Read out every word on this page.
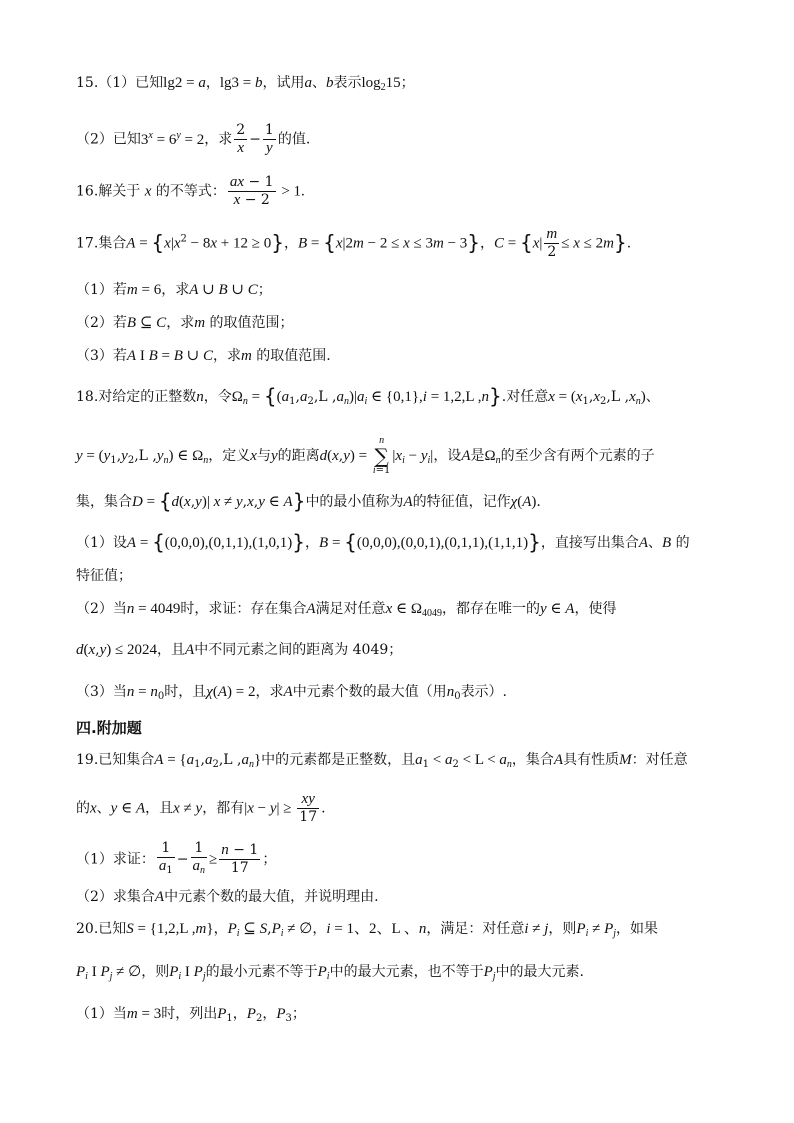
15.（1）已知lg2 = a，lg3 = b，试用a、b表示$\log_215$；
（2）已知$3^x = 6^y = 2$，求 $\frac{2}{x} - \frac{1}{y}$ 的值.
16.解关于 x 的不等式： $\frac{ax - 1}{x - 2} > 1$.
17.集合$A = \{x|x^2 - 8x + 12 \ge 0\}$，B = {x|2m − 2 ≤ x ≤ 3m − 3}，$C = \{x| \frac{m}{2} \le x \le 2m\}$.
（1）若m = 6，求A ∪ B ∪ C；
（2）若B ⊆ C，求m 的取值范围；
（3）若A I B = B ∪ C，求m 的取值范围.
18.对给定的正整数n，令$\Omega_n = \{(a_1,a_2,L$ $,a_n)|a_i$ ∈ {0,1},i = 1,2,L ,n}.对任意$x = (x_1,x_2,L$ $,x_n$)、
$y = (y_1,y_2,L$ $,y_n$) ∈ $\Omega_n$，定义x与y的距离d(x,y) = n
∑
$i=1|x_i - y_i|$，设A是$\Omega_n$的至少含有两个元素的子
集，集合D = {d(x,y)| x ≠ y,x,y ∈ A}中的最小值称为A的特征值，记作χ(A).
（1）设A = {(0,0,0),(0,1,1),(1,0,1)}，B = {(0,0,0),(0,0,1),(0,1,1),(1,1,1)}，直接写出集合A、B 的
特征值；
（2）当n = 4049时，求证：存在集合A满足对任意x ∈ $\Omega_{4049}$，都存在唯一的y ∈ A，使得
d(x,y) ≤ 2024，且A中不同元素之间的距离为 4049；
（3）当$n = n_0$时，且χ(A) = 2，求A中元素个数的最大值（用$n_0$表示）.
四.附加题
19.已知集合$A = \{a_1,a_2,L$ $,a_n$}中的元素都是正整数，且$a_1 < a_2 < L < a_n$，集合A具有性质M：对任意
的x、y ∈ A，且x ≠ y，都有$|x - y| \ge \frac{xy}{17}$ .
（1）求证： $\frac{1}{a_1} - \frac{1}{a_n} \ge \frac{n - 1}{17}$ ；
（2）求集合A中元素个数的最大值，并说明理由.
20.已知S = {1,2,L ,m}，$P_i$ ⊆ $S,P_i$ ≠ ∅，i = 1、2、L 、n，满足：对任意i ≠ j，则$P_i \ne P_j$，如果
$P_i$ I $P_j$ ≠ ∅，则$P_i$ I $P_j$的最小元素不等于$P_i$中的最大元素，也不等于$P_j$中的最大元素.
（1）当m = 3时，列出$P_1$，$P_2$，$P_3$；
